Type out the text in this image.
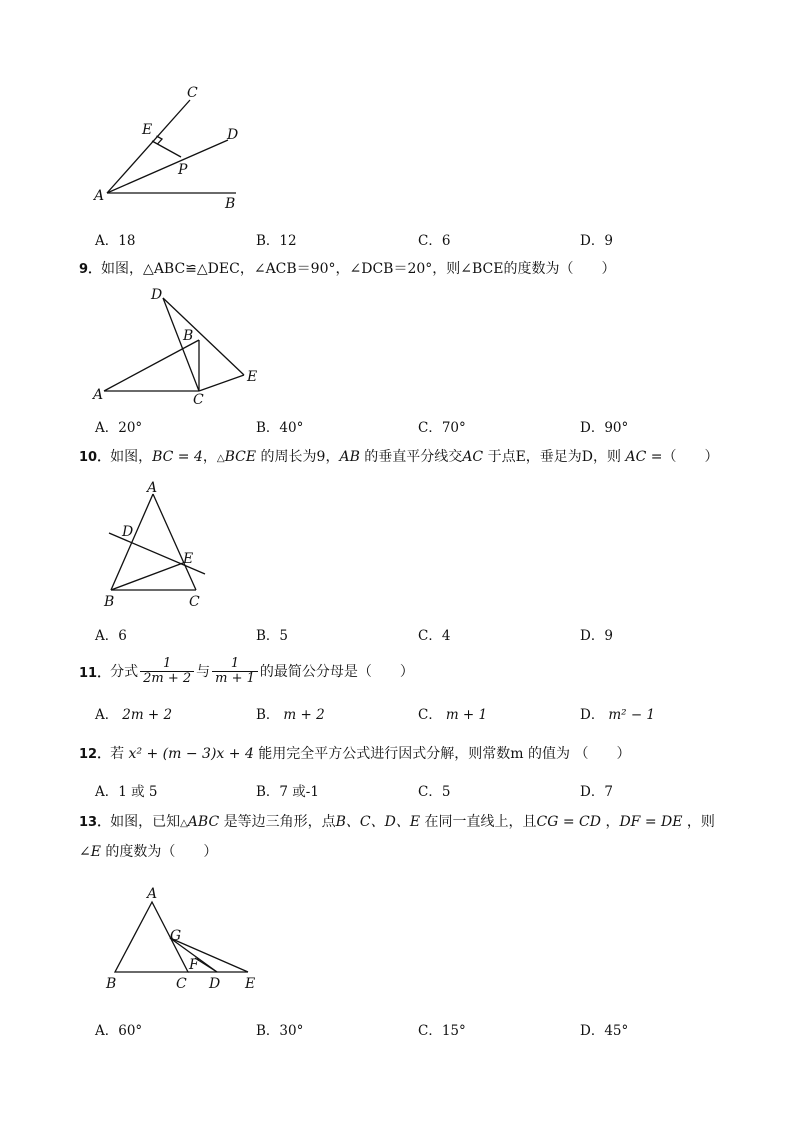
C
E	D
P
A	B
A．18	B．12	C．6	D．9
9．如图，△ABC≌△DEC，∠ACB＝90°，∠DCB＝20°，则∠BCE的度数为（　　）
D
B
E
A	C
A．20°	B．40°	C．70°	D．90°
10．如图，BC = 4，△BCE 的周长为9，AB 的垂直平分线交AC 于点E，垂足为D，则 AC =（　　）
A
D
E
B	C
A．6	B．5	C．4	D．9
11． 分式 $\frac{1}{2m + 2}$ 与 $\frac{1}{m + 1}$ 的最简公分母是（　　）
A． 2m + 2	B． m + 2	C． m + 1	D． m² − 1
12．若 x² + (m − 3)x + 4 能用完全平方公式进行因式分解，则常数m 的值为 （　　）
A．1 或 5	B．7 或-1	C．5	D．7
13．如图，已知△ABC 是等边三角形，点B、C、D、E 在同一直线上，且CG = CD ，DF = DE ，则
∠E 的度数为（　　）
A
G
F
B	C D E
A．60°	B．30°	C．15°	D．45°
